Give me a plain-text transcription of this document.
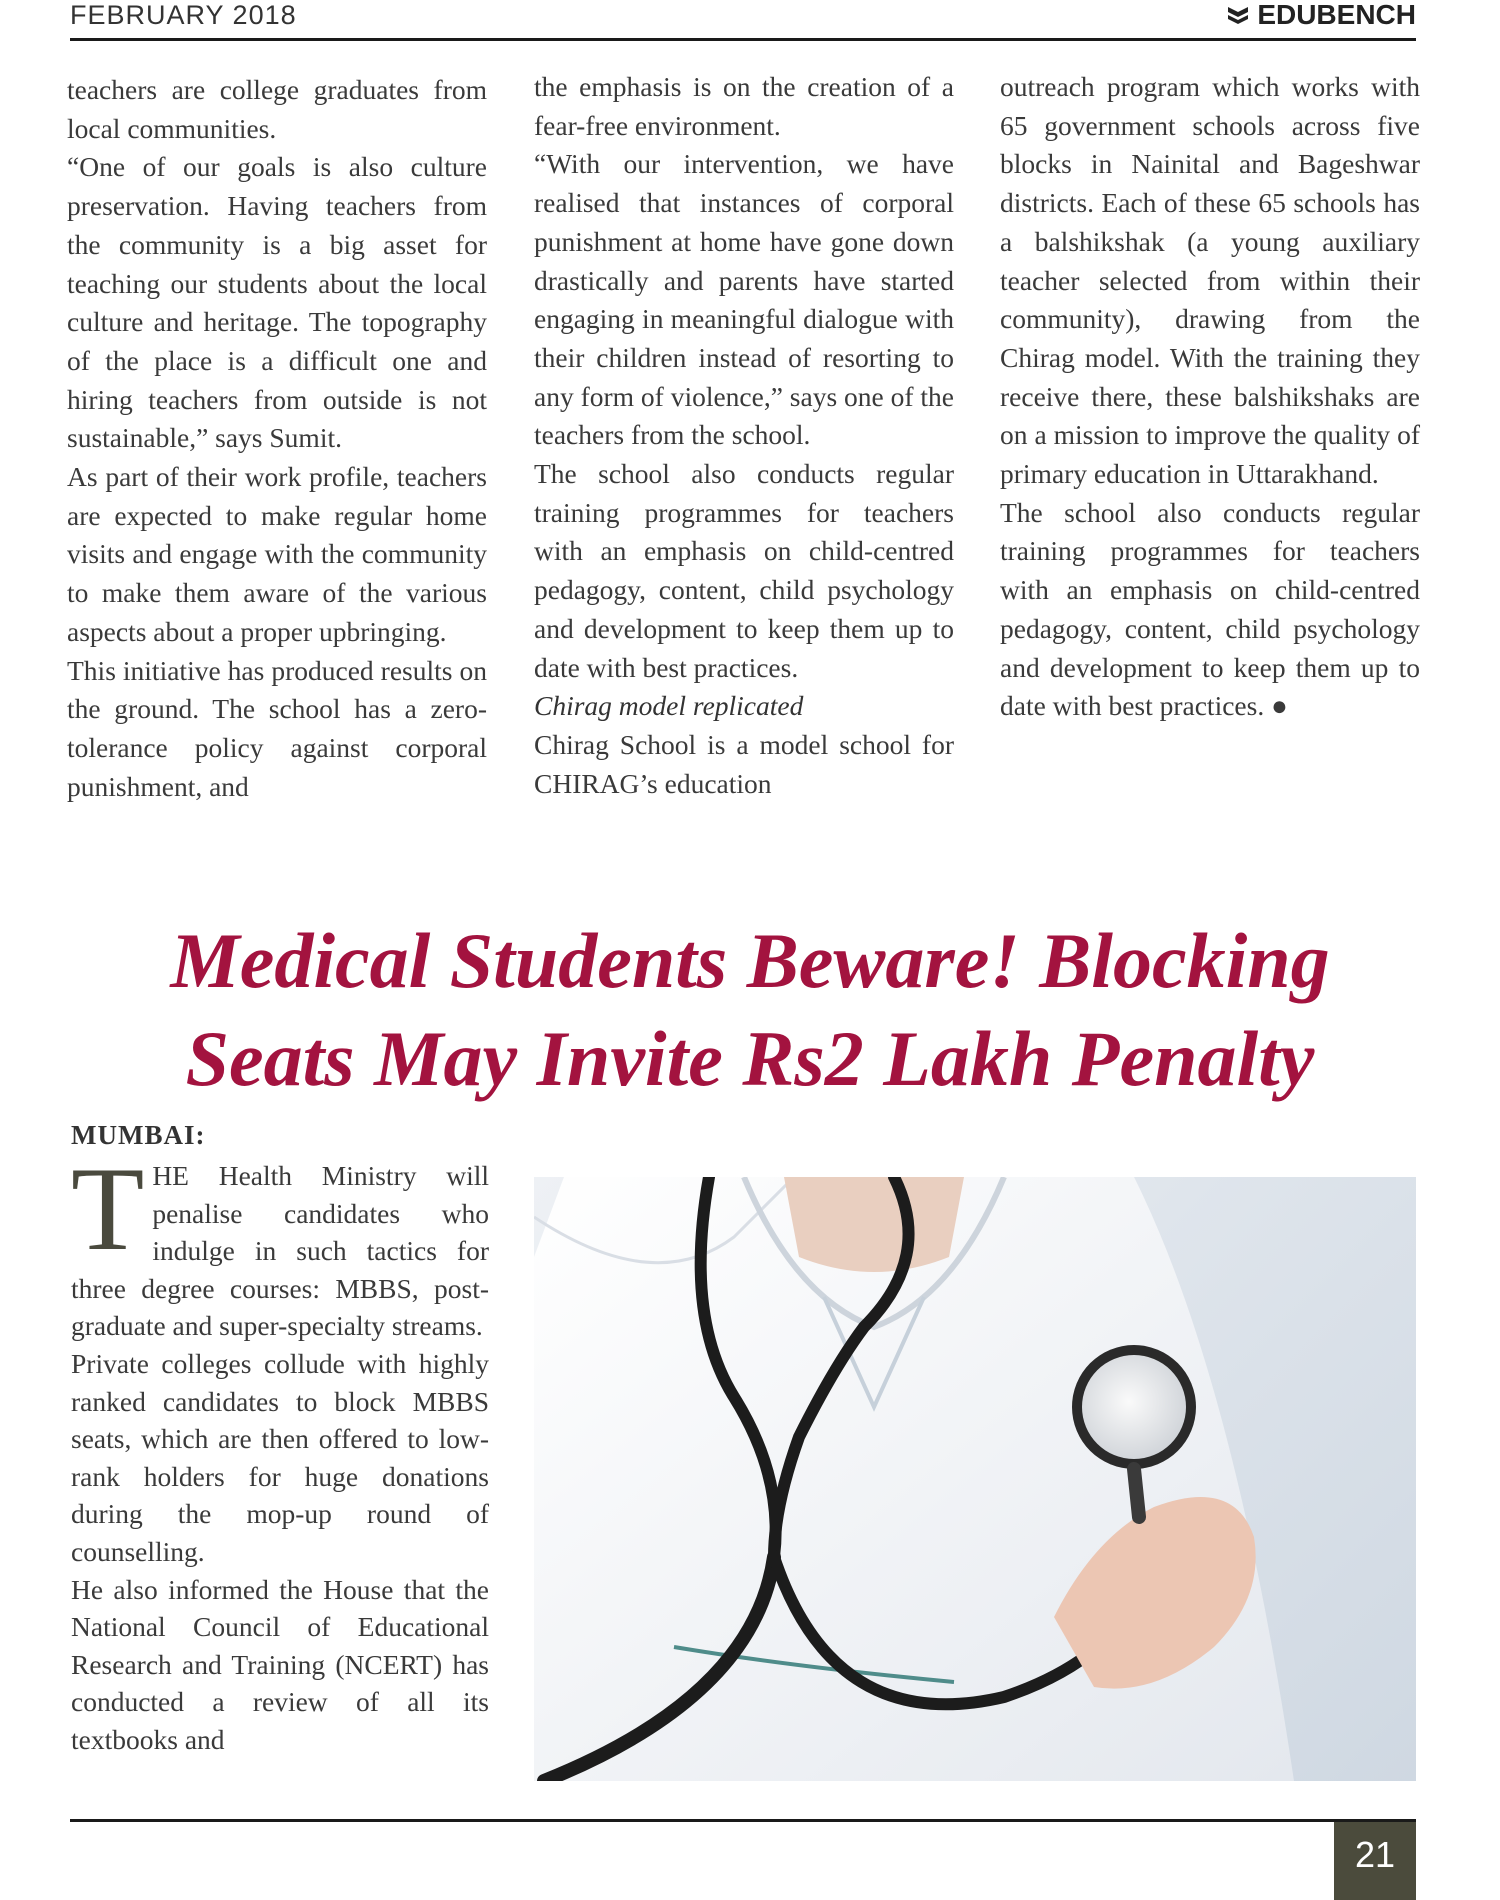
FEBRUARY 2018	EDUBENCH

teachers are college graduates from local communities.

“One of our goals is also culture preservation. Having teachers from the community is a big asset for teaching our students about the local culture and heritage. The topography of the place is a difficult one and hiring teachers from outside is not sustainable,” says Sumit.

As part of their work profile, teachers are expected to make regular home visits and engage with the community to make them aware of the various aspects about a proper upbringing.

This initiative has produced results on the ground. The school has a zero-tolerance policy against corporal punishment, and

the emphasis is on the creation of a fear-free environment.

“With our intervention, we have realised that instances of corporal punishment at home have gone down drastically and parents have started engaging in meaningful dialogue with their children instead of resorting to any form of violence,” says one of the teachers from the school.

The school also conducts regular training programmes for teachers with an emphasis on child-centred pedagogy, content, child psychology and development to keep them up to date with best practices.

Chirag model replicated

Chirag School is a model school for CHIRAG’s education

outreach program which works with 65 government schools across five blocks in Nainital and Bageshwar districts. Each of these 65 schools has a balshikshak (a young auxiliary teacher selected from within their community), drawing from the Chirag model. With the training they receive there, these balshikshaks are on a mission to improve the quality of primary education in Uttarakhand.

The school also conducts regular training programmes for teachers with an emphasis on child-centred pedagogy, content, child psychology and development to keep them up to date with best practices. ●

Medical Students Beware! Blocking
Seats May Invite Rs2 Lakh Penalty
MUMBAI:

THE Health Ministry will penalise candidates who indulge in such tactics for three degree courses: MBBS, post-graduate and super-specialty streams.

Private colleges collude with highly ranked candidates to block MBBS seats, which are then offered to low-rank holders for huge donations during the mop-up round of counselling.

He also informed the House that the National Council of Educational Research and Training (NCERT) has conducted a review of all its textbooks and

21
